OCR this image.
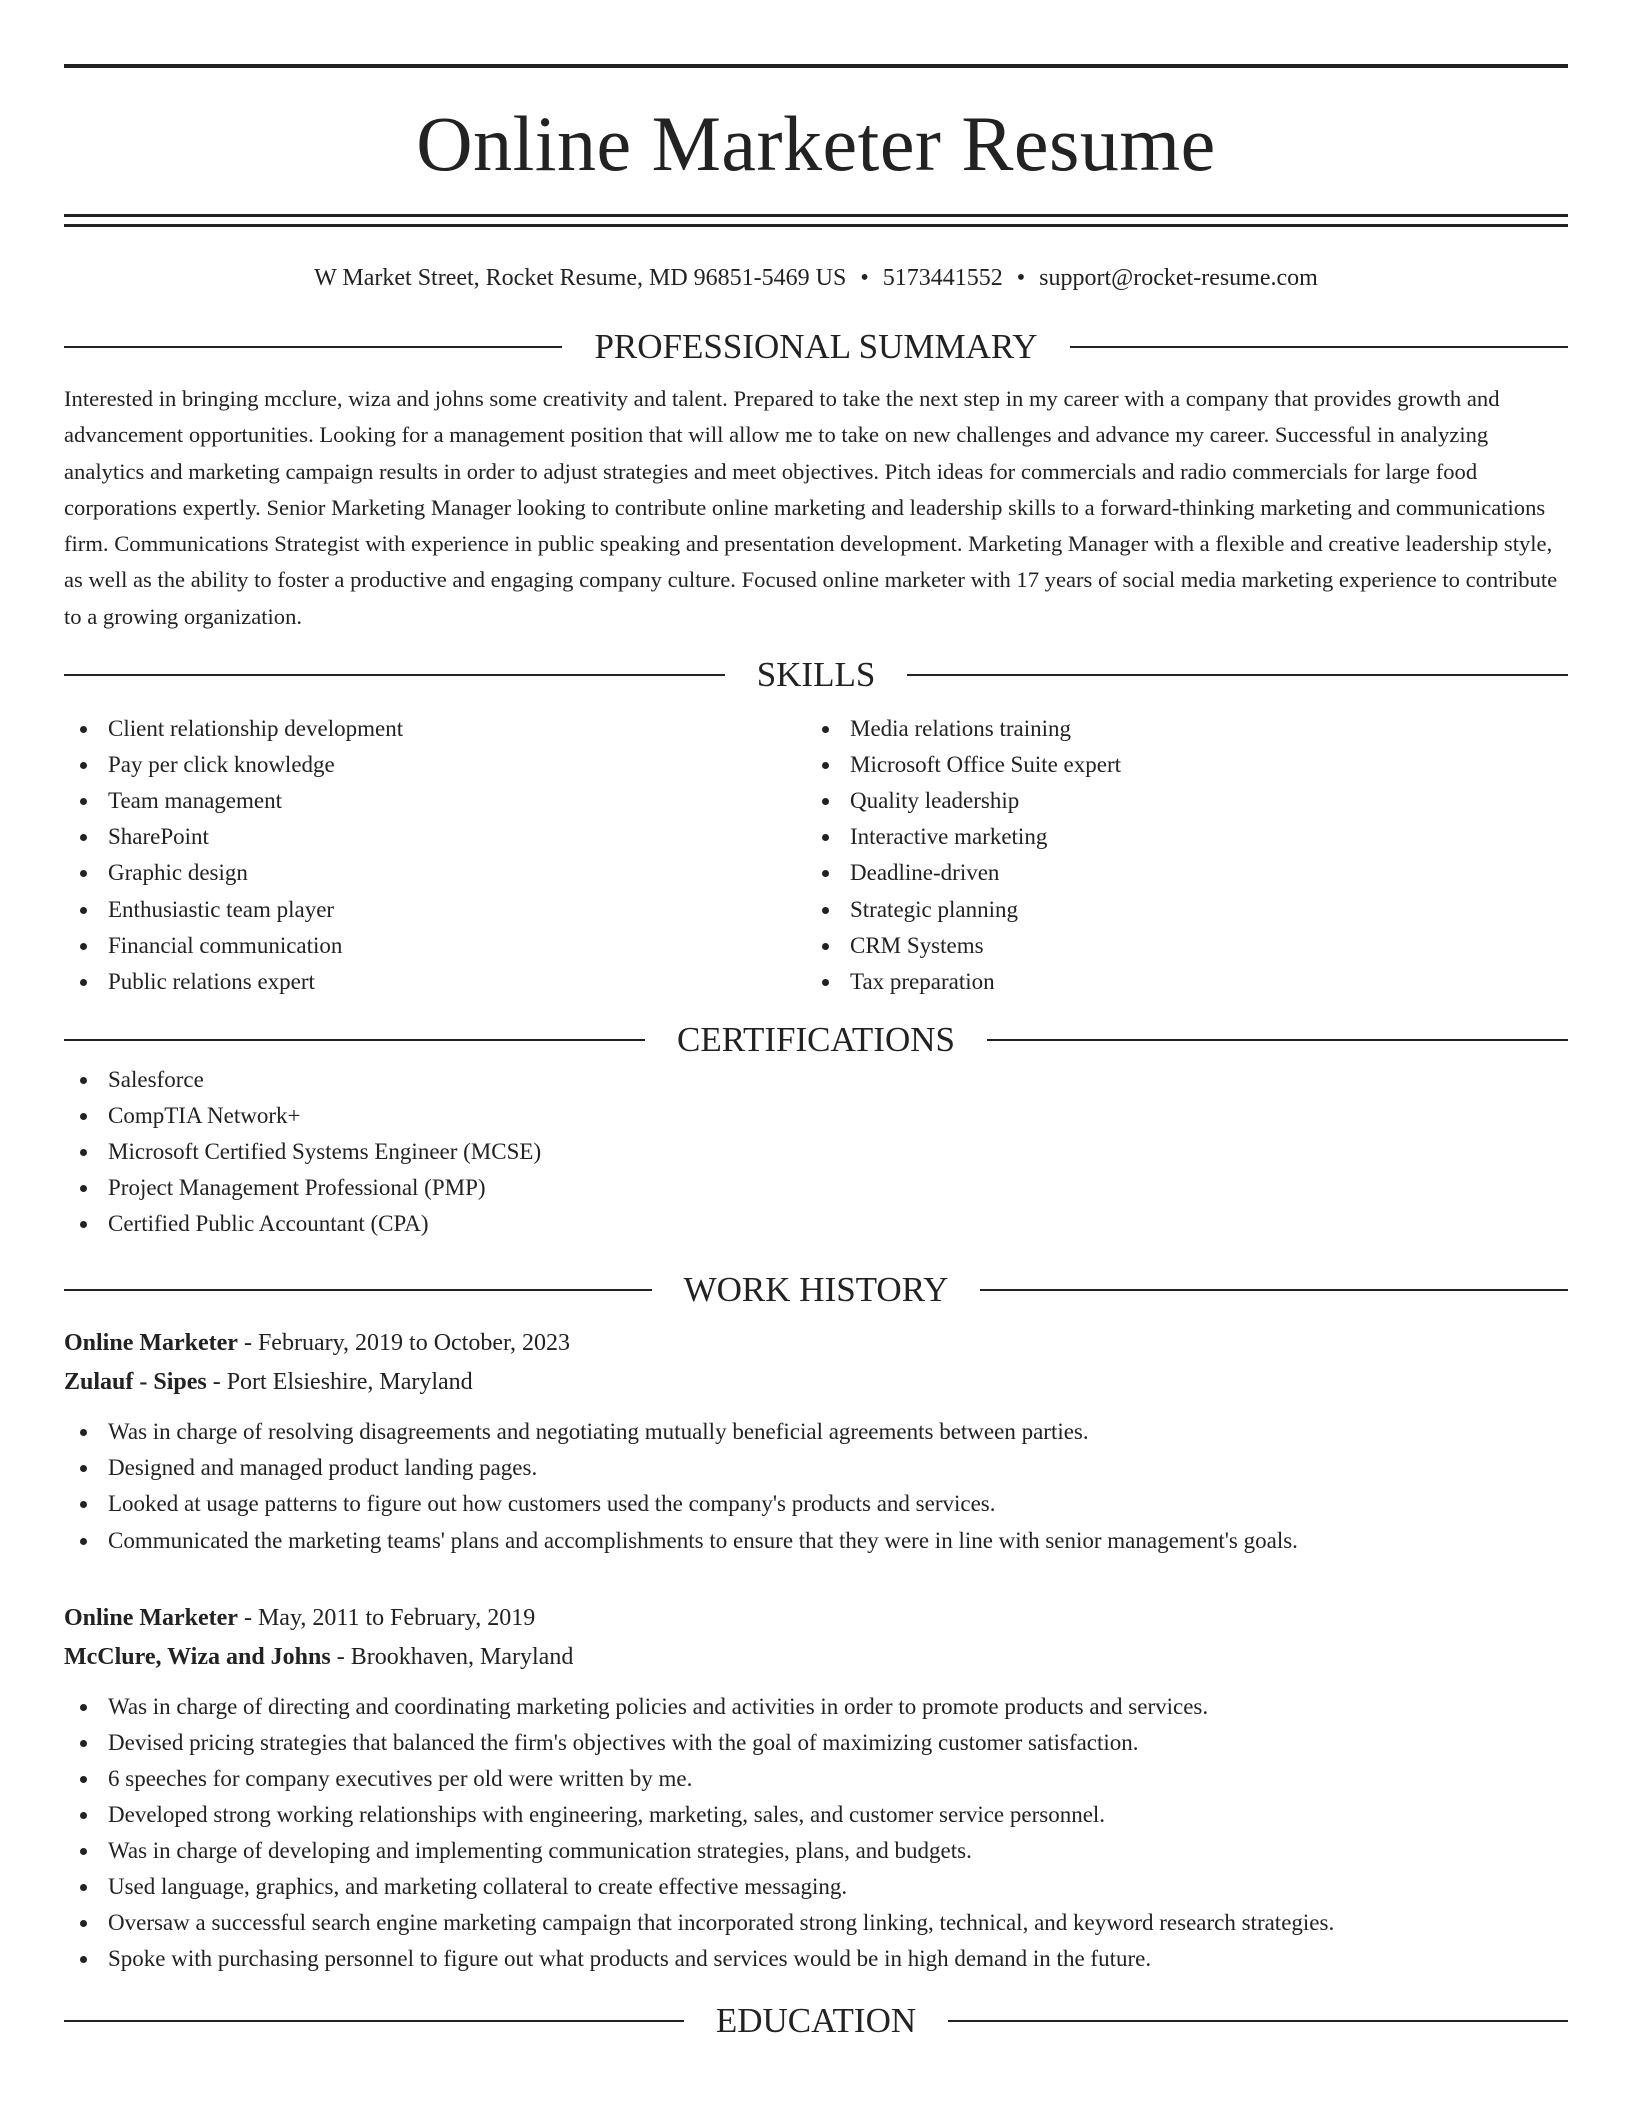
Online Marketer Resume
W Market Street, Rocket Resume, MD 96851-5469 US • 5173441552 • support@rocket-resume.com
PROFESSIONAL SUMMARY

Interested in bringing mcclure, wiza and johns some creativity and talent. Prepared to take the next step in my career with a company that provides growth and advancement opportunities. Looking for a management position that will allow me to take on new challenges and advance my career. Successful in analyzing analytics and marketing campaign results in order to adjust strategies and meet objectives. Pitch ideas for commercials and radio commercials for large food corporations expertly. Senior Marketing Manager looking to contribute online marketing and leadership skills to a forward-thinking marketing and communications firm. Communications Strategist with experience in public speaking and presentation development. Marketing Manager with a flexible and creative leadership style, as well as the ability to foster a productive and engaging company culture. Focused online marketer with 17 years of social media marketing experience to contribute to a growing organization.

SKILLS
Client relationship development
Pay per click knowledge
Team management
SharePoint
Graphic design
Enthusiastic team player
Financial communication
Public relations expert
Media relations training
Microsoft Office Suite expert
Quality leadership
Interactive marketing
Deadline-driven
Strategic planning
CRM Systems
Tax preparation
CERTIFICATIONS
Salesforce
CompTIA Network+
Microsoft Certified Systems Engineer (MCSE)
Project Management Professional (PMP)
Certified Public Accountant (CPA)
WORK HISTORY
Online Marketer - February, 2019 to October, 2023
Zulauf - Sipes - Port Elsieshire, Maryland
Was in charge of resolving disagreements and negotiating mutually beneficial agreements between parties.
Designed and managed product landing pages.
Looked at usage patterns to figure out how customers used the company's products and services.
Communicated the marketing teams' plans and accomplishments to ensure that they were in line with senior management's goals.
Online Marketer - May, 2011 to February, 2019
McClure, Wiza and Johns - Brookhaven, Maryland
Was in charge of directing and coordinating marketing policies and activities in order to promote products and services.
Devised pricing strategies that balanced the firm's objectives with the goal of maximizing customer satisfaction.
6 speeches for company executives per old were written by me.
Developed strong working relationships with engineering, marketing, sales, and customer service personnel.
Was in charge of developing and implementing communication strategies, plans, and budgets.
Used language, graphics, and marketing collateral to create effective messaging.
Oversaw a successful search engine marketing campaign that incorporated strong linking, technical, and keyword research strategies.
Spoke with purchasing personnel to figure out what products and services would be in high demand in the future.
EDUCATION
